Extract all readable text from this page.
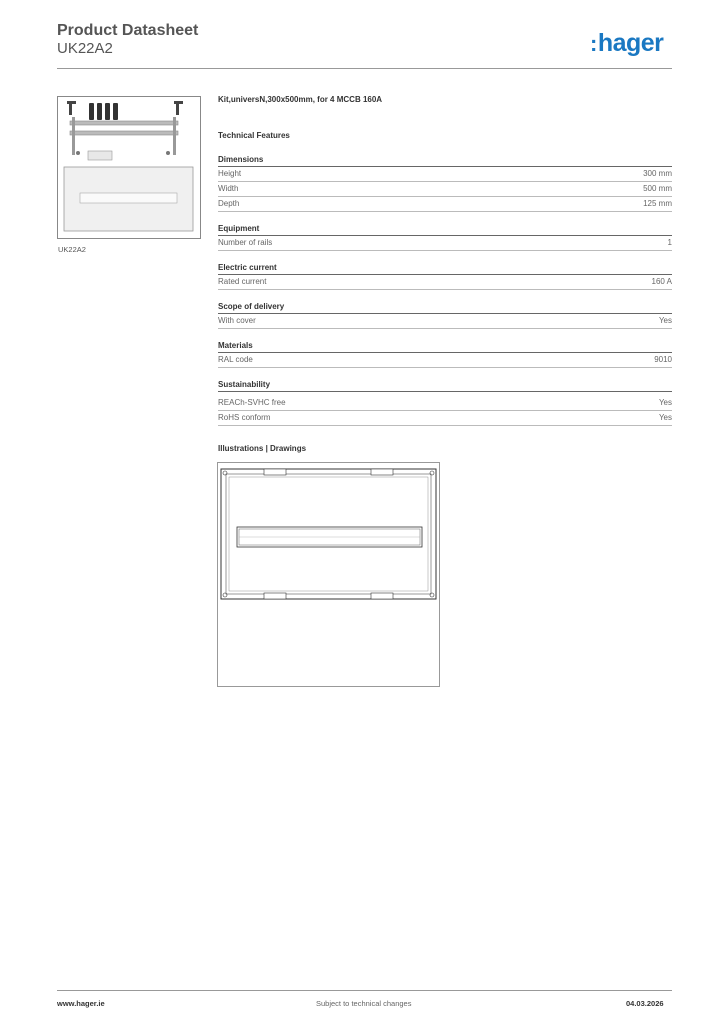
Product Datasheet
UK22A2	:hager
UK22A2
Kit,universN,300x500mm, for 4 MCCB 160A
Technical Features
Dimensions
Height	300 mm
Width	500 mm
Depth	125 mm
Equipment
Number of rails	1
Electric current
Rated current	160 A
Scope of delivery
With cover	Yes
Materials
RAL code	9010
Sustainability
REACh-SVHC free	Yes
RoHS conform	Yes
Illustrations | Drawings
www.hager.ie	Subject to technical changes	04.03.2026
